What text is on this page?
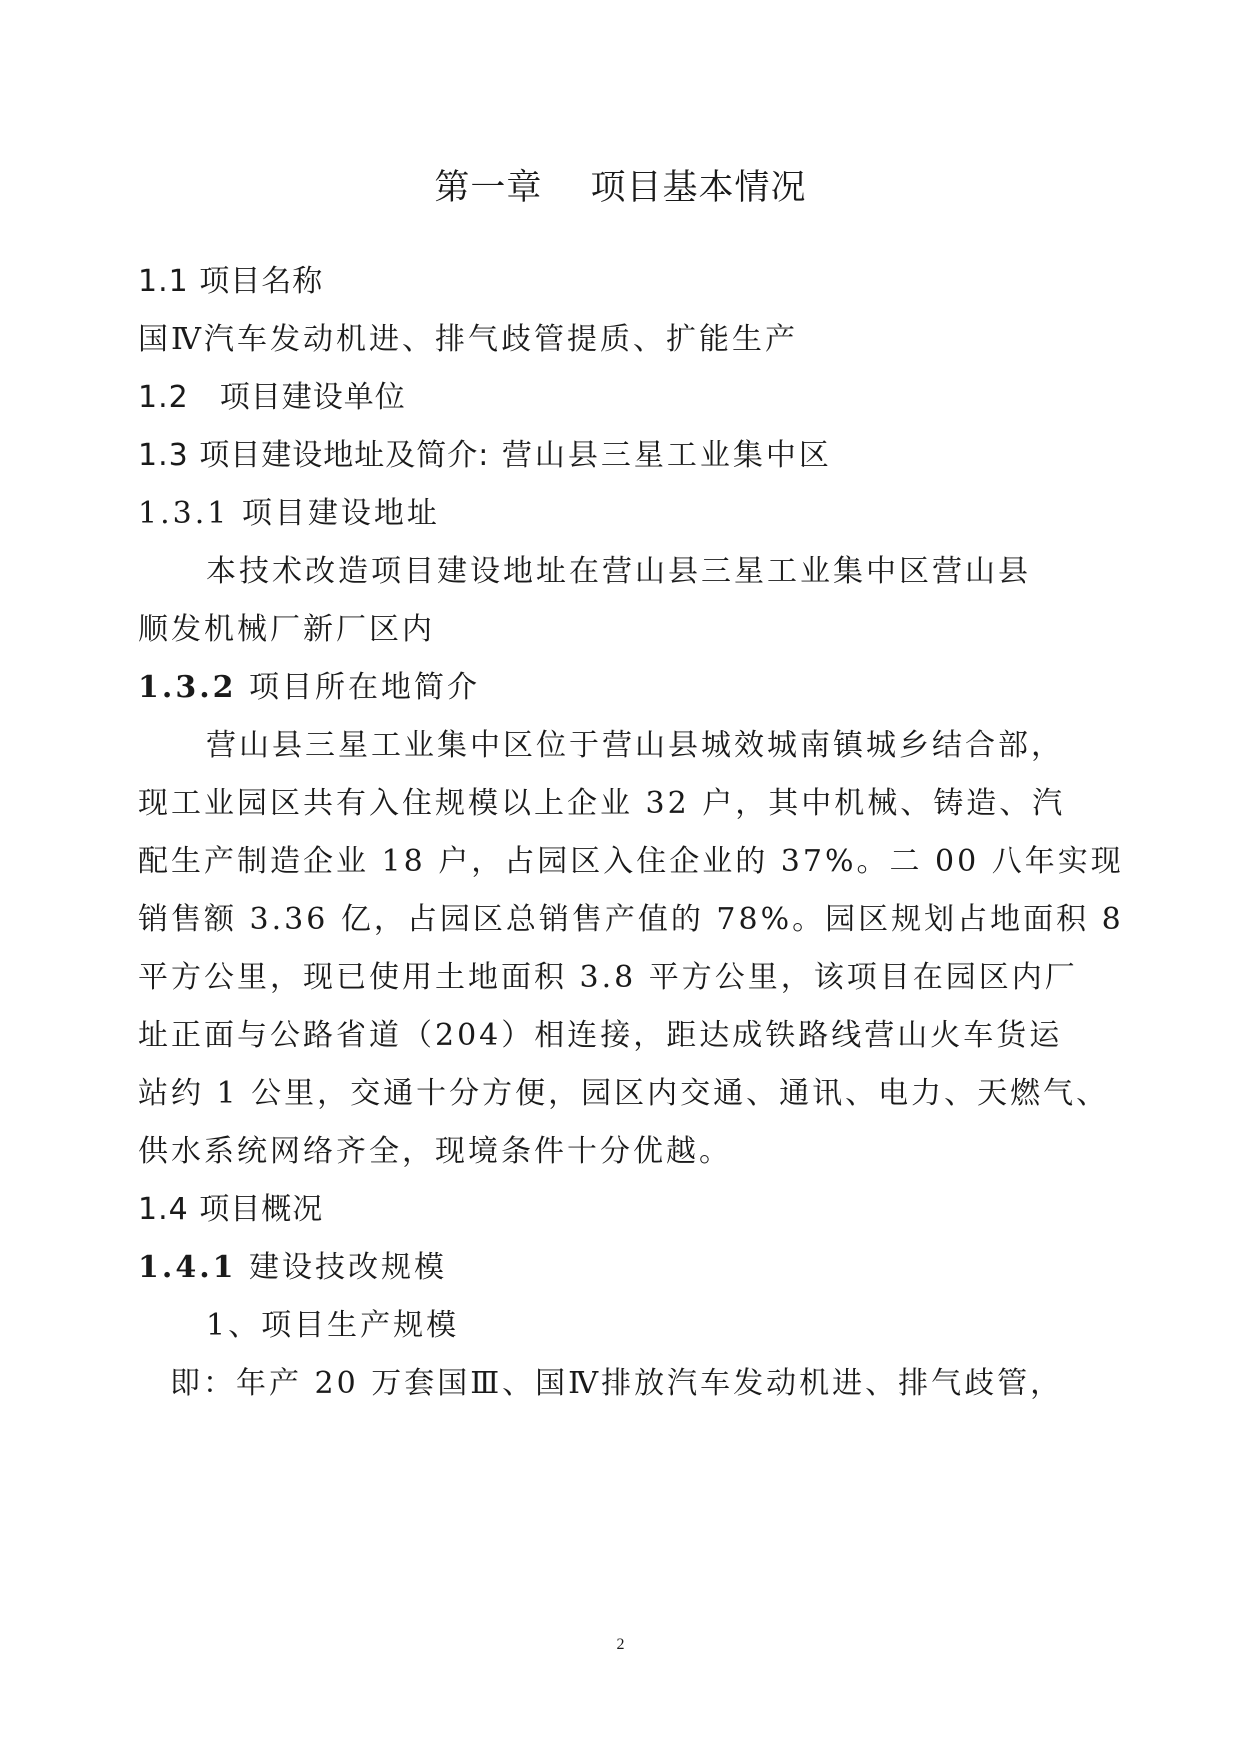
第一章　 项目基本情况
1.1 项目名称
国Ⅳ汽车发动机进、排气歧管提质、扩能生产
1.2　项目建设单位
1.3 项目建设地址及简介: 营山县三星工业集中区
1.3.1 项目建设地址
本技术改造项目建设地址在营山县三星工业集中区营山县
顺发机械厂新厂区内
1.3.2 项目所在地简介
营山县三星工业集中区位于营山县城效城南镇城乡结合部，
现工业园区共有入住规模以上企业 32 户，其中机械、铸造、汽
配生产制造企业 18 户，占园区入住企业的 37%。二 00 八年实现
销售额 3.36 亿，占园区总销售产值的 78%。园区规划占地面积 8
平方公里，现已使用土地面积 3.8 平方公里，该项目在园区内厂
址正面与公路省道（204）相连接，距达成铁路线营山火车货运
站约 1 公里，交通十分方便，园区内交通、通讯、电力、天燃气、
供水系统网络齐全，现境条件十分优越。
1.4 项目概况
1.4.1 建设技改规模
1、项目生产规模
即：年产 20 万套国Ⅲ、国Ⅳ排放汽车发动机进、排气歧管，
2
